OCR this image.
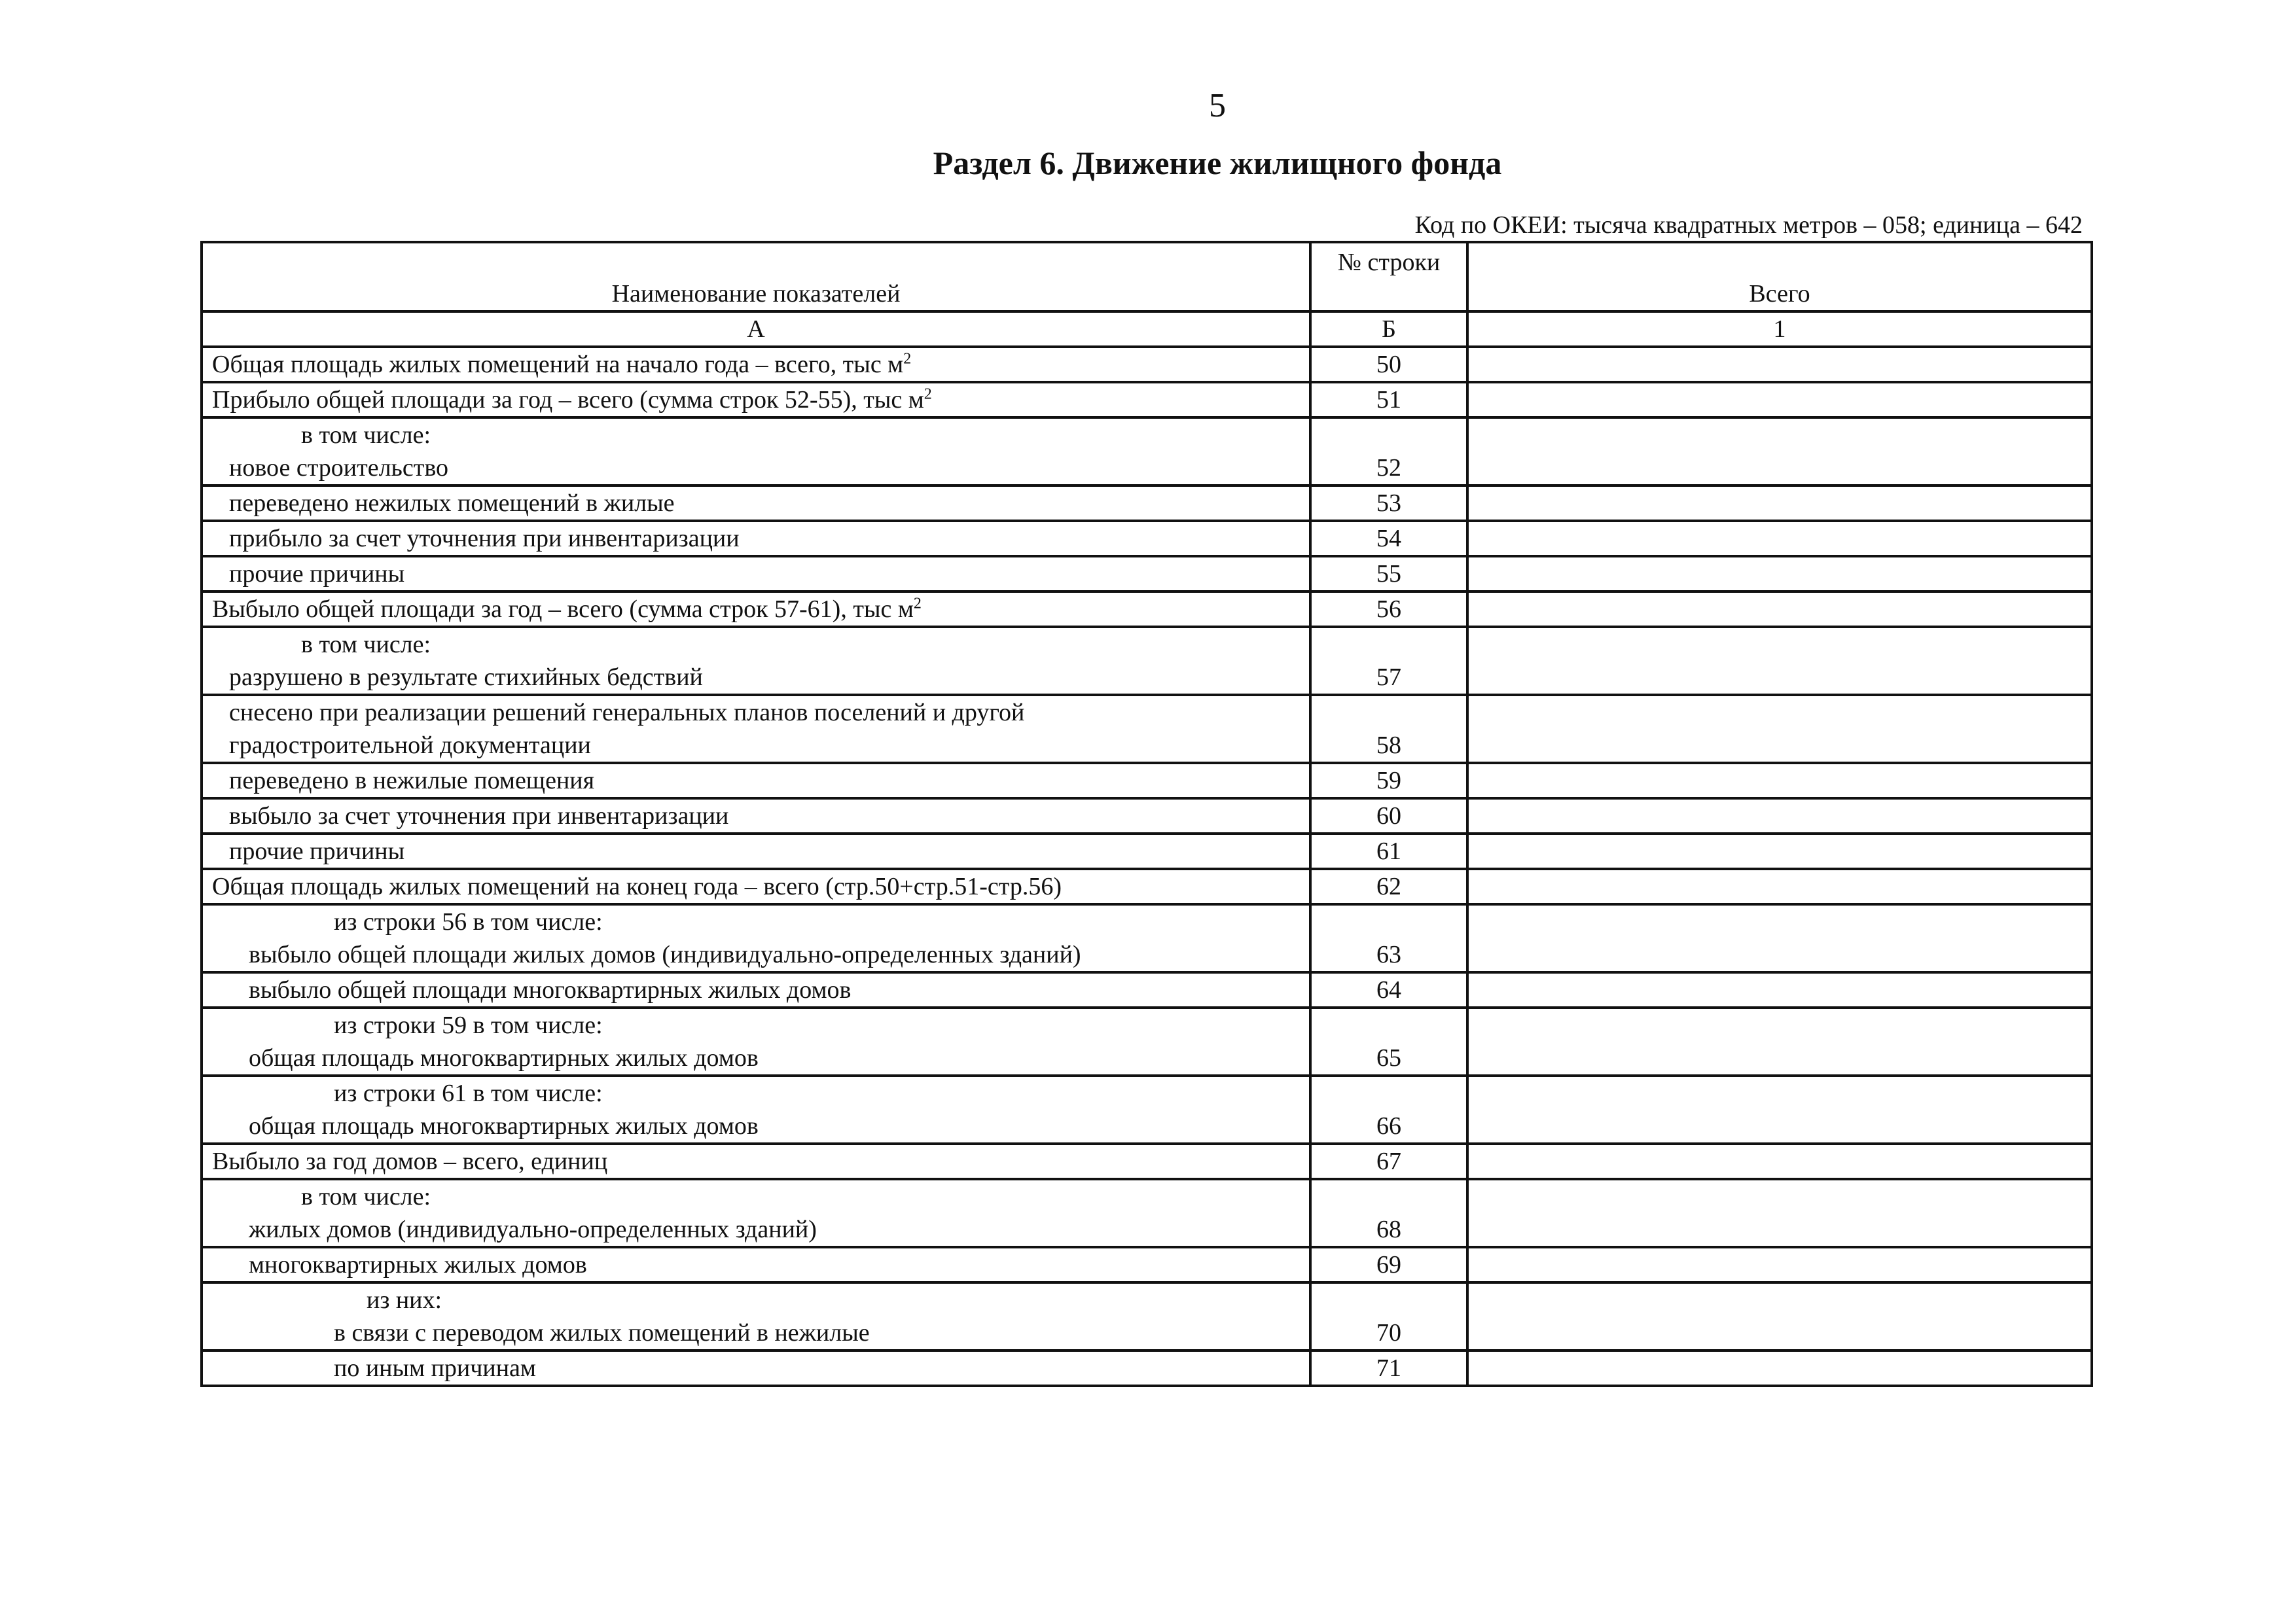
5
Раздел 6. Движение жилищного фонда
Код по ОКЕИ: тысяча квадратных метров – 058; единица – 642
Наименование показателей	№ строки	Всего
А	Б	1

Общая площадь жилых помещений на начало года – всего, тыс $м^2$	50	

Прибыло общей площади за год – всего (сумма строк 52-55), тыс $м^2$	51	

в том числе:
новое строительство	52	

переведено нежилых помещений в жилые	53	

прибыло за счет уточнения при инвентаризации	54	

прочие причины	55	

Выбыло общей площади за год – всего (сумма строк 57-61), тыс $м^2$	56	

в том числе:
разрушено в результате стихийных бедствий	57	

снесено при реализации решений генеральных планов поселений и другой
градостроительной документации	58	

переведено в нежилые помещения	59	

выбыло за счет уточнения при инвентаризации	60	

прочие причины	61	

Общая площадь жилых помещений на конец года – всего (стр.50+стр.51-стр.56)	62	

из строки 56 в том числе:
выбыло общей площади жилых домов (индивидуально-определенных зданий)	63	

выбыло общей площади многоквартирных жилых домов	64	

из строки 59 в том числе:
общая площадь многоквартирных жилых домов	65	

из строки 61 в том числе:
общая площадь многоквартирных жилых домов	66	

Выбыло за год домов – всего, единиц	67	

в том числе:
жилых домов (индивидуально-определенных зданий)	68	

многоквартирных жилых домов	69	

из них:
в связи с переводом жилых помещений в нежилые	70	

по иным причинам	71	
